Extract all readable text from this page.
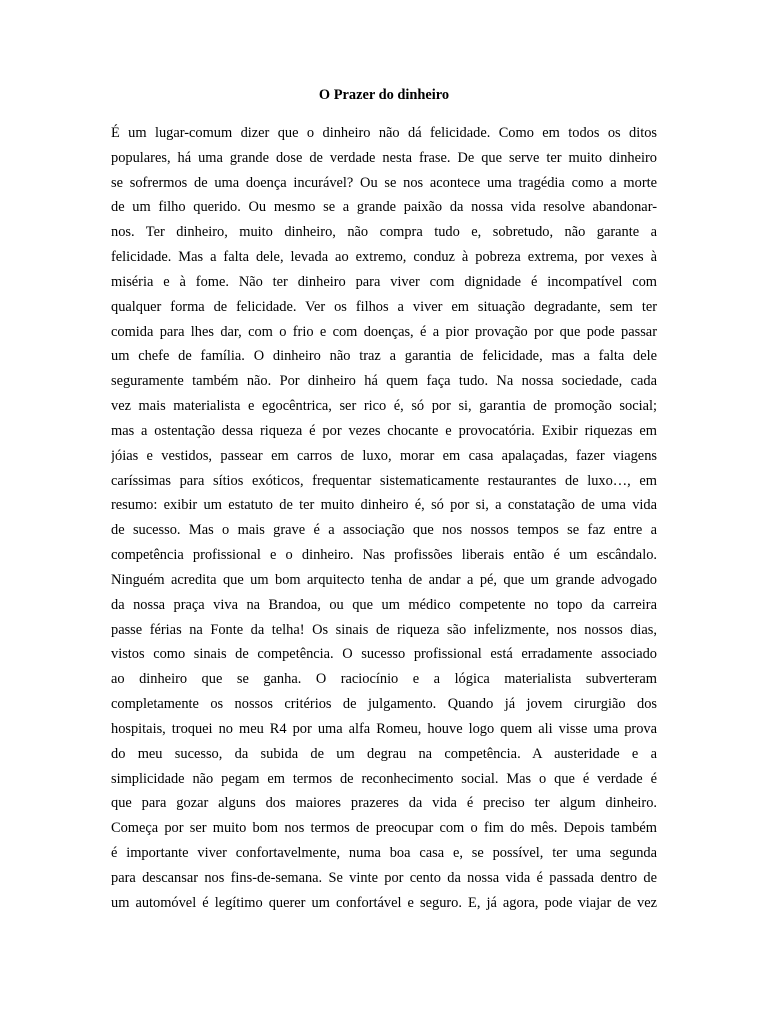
O Prazer do dinheiro
É um lugar-comum dizer que o dinheiro não dá felicidade. Como em todos os ditos
populares, há uma grande dose de verdade nesta frase. De que serve ter muito dinheiro
se sofrermos de uma doença incurável? Ou se nos acontece uma tragédia como a morte
de um filho querido. Ou mesmo se a grande paixão da nossa vida resolve abandonar-
nos. Ter dinheiro, muito dinheiro, não compra tudo e, sobretudo, não garante a
felicidade. Mas a falta dele, levada ao extremo, conduz à pobreza extrema, por vexes à
miséria e à fome. Não ter dinheiro para viver com dignidade é incompatível com
qualquer forma de felicidade. Ver os filhos a viver em situação degradante, sem ter
comida para lhes dar, com o frio e com doenças, é a pior provação por que pode passar
um chefe de família. O dinheiro não traz a garantia de felicidade, mas a falta dele
seguramente também não. Por dinheiro há quem faça tudo. Na nossa sociedade, cada
vez mais materialista e egocêntrica, ser rico é, só por si, garantia de promoção social;
mas a ostentação dessa riqueza é por vezes chocante e provocatória. Exibir riquezas em
jóias e vestidos, passear em carros de luxo, morar em casa apalaçadas, fazer viagens
caríssimas para sítios exóticos, frequentar sistematicamente restaurantes de luxo…, em
resumo: exibir um estatuto de ter muito dinheiro é, só por si, a constatação de uma vida
de sucesso. Mas o mais grave é a associação que nos nossos tempos se faz entre a
competência profissional e o dinheiro. Nas profissões liberais então é um escândalo.
Ninguém acredita que um bom arquitecto tenha de andar a pé, que um grande advogado
da nossa praça viva na Brandoa, ou que um médico competente no topo da carreira
passe férias na Fonte da telha! Os sinais de riqueza são infelizmente, nos nossos dias,
vistos como sinais de competência. O sucesso profissional está erradamente associado
ao dinheiro que se ganha. O raciocínio e a lógica materialista subverteram
completamente os nossos critérios de julgamento. Quando já jovem cirurgião dos
hospitais, troquei no meu R4 por uma alfa Romeu, houve logo quem ali visse uma prova
do meu sucesso, da subida de um degrau na competência. A austeridade e a
simplicidade não pegam em termos de reconhecimento social. Mas o que é verdade é
que para gozar alguns dos maiores prazeres da vida é preciso ter algum dinheiro.
Começa por ser muito bom nos termos de preocupar com o fim do mês. Depois também
é importante viver confortavelmente, numa boa casa e, se possível, ter uma segunda
para descansar nos fins-de-semana. Se vinte por cento da nossa vida é passada dentro de
um automóvel é legítimo querer um confortável e seguro. E, já agora, pode viajar de vez
